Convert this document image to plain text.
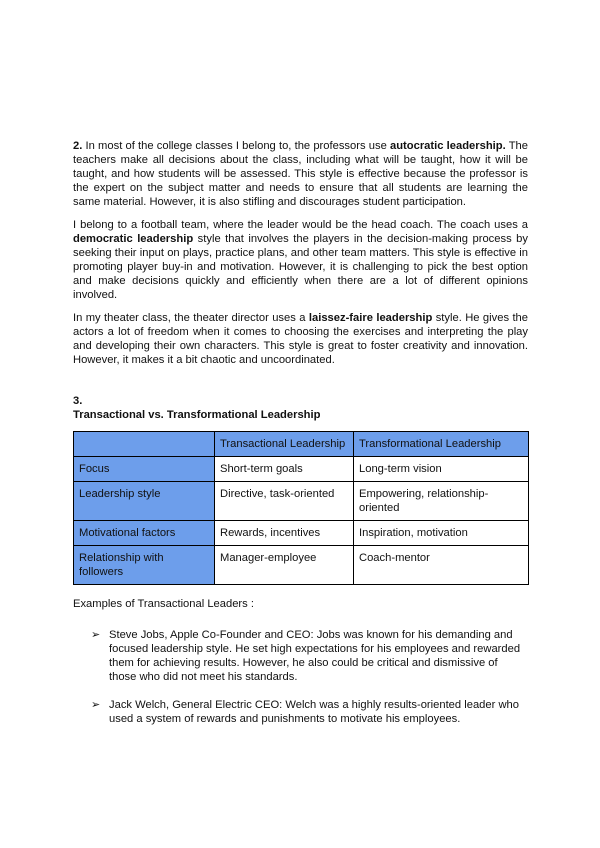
2. In most of the college classes I belong to, the professors use autocratic leadership. The teachers make all decisions about the class, including what will be taught, how it will be taught, and how students will be assessed. This style is effective because the professor is the expert on the subject matter and needs to ensure that all students are learning the same material. However, it is also stifling and discourages student participation.

I belong to a football team, where the leader would be the head coach. The coach uses a democratic leadership style that involves the players in the decision-making process by seeking their input on plays, practice plans, and other team matters. This style is effective in promoting player buy-in and motivation. However, it is challenging to pick the best option and make decisions quickly and efficiently when there are a lot of different opinions involved.

In my theater class, the theater director uses a laissez-faire leadership style. He gives the actors a lot of freedom when it comes to choosing the exercises and interpreting the play and developing their own characters. This style is great to foster creativity and innovation. However, it makes it a bit chaotic and uncoordinated.

3.
Transactional vs. Transformational Leadership
	Transactional Leadership	Transformational Leadership
Focus	Short-term goals	Long-term vision
Leadership style	Directive, task-oriented	Empowering, relationship-oriented
Motivational factors	Rewards, incentives	Inspiration, motivation
Relationship with followers	Manager-employee	Coach-mentor

Examples of Transactional Leaders :

➢ Steve Jobs, Apple Co-Founder and CEO: Jobs was known for his demanding and focused leadership style. He set high expectations for his employees and rewarded them for achieving results. However, he also could be critical and dismissive of those who did not meet his standards.
➢ Jack Welch, General Electric CEO: Welch was a highly results-oriented leader who used a system of rewards and punishments to motivate his employees.
